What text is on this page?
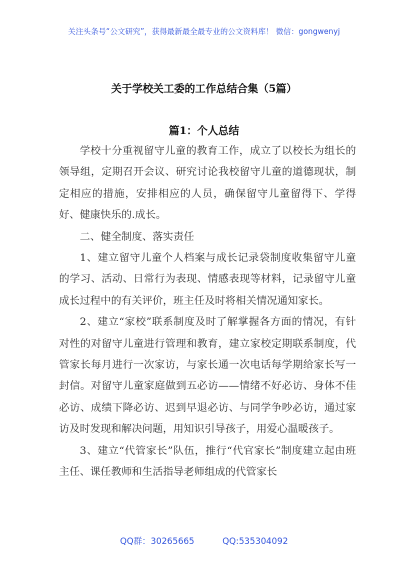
关注头条号“公文研究”，获得最新最全最专业的公文资料库！ 微信：gongwenyj
关于学校关工委的工作总结合集（5篇）
篇1：个人总结

学校十分重视留守儿童的教育工作，成立了以校长为组长的领导组，定期召开会议、研究讨论我校留守儿童的道德现状，制定相应的措施，安排相应的人员，确保留守儿童留得下、学得好、健康快乐的.成长。

二、健全制度、落实责任

1、建立留守儿童个人档案与成长记录袋制度收集留守儿童的学习、活动、日常行为表现、情感表现等材料，记录留守儿童成长过程中的有关评价，班主任及时将相关情况通知家长。

2、建立“家校”联系制度及时了解掌握各方面的情况，有针对性的对留守儿童进行管理和教育，建立家校定期联系制度，代管家长每月进行一次家访，与家长通一次电话每学期给家长写一封信。对留守儿童家庭做到五必访——情绪不好必访、身体不佳必访、成绩下降必访、迟到早退必访、与同学争吵必访，通过家访及时发现和解决问题，用知识引导孩子，用爱心温暖孩子。

3、建立“代管家长”队伍，推行“代官家长”制度建立起由班主任、课任教师和生活指导老师组成的代管家长

QQ群：30265665	QQ:535304092
